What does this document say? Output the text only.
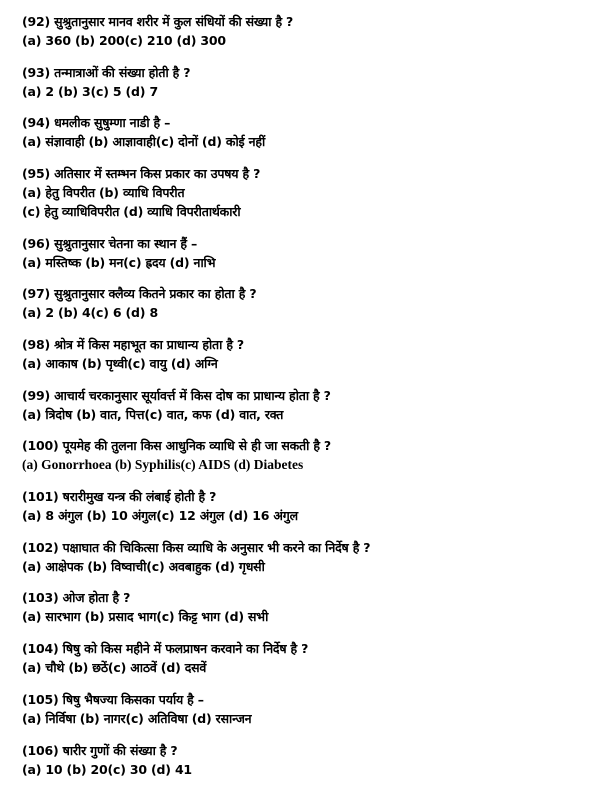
(92) सुश्रुतानुसार मानव शरीर में कुल संधियों की संख्या है ?
(a) 360 (b) 200(c) 210 (d) 300
(93) तन्मात्राओं की संख्या होती है ?
(a) 2 (b) 3(c) 5 (d) 7
(94) धमलीक सुषुम्णा नाडी है –
(a) संज्ञावाही (b) आज्ञावाही(c) दोनों (d) कोई नहीं
(95) अतिसार में स्तम्भन किस प्रकार का उपषय है ?
(a) हेतु विपरीत (b) व्याधि विपरीत
(c) हेतु व्याधिविपरीत (d) व्याधि विपरीतार्थकारी
(96) सुश्रुतानुसार चेतना का स्थान हैं –
(a) मस्तिष्क (b) मन(c) ह्रदय (d) नाभि
(97) सुश्रुतानुसार क्लैव्य कितने प्रकार का होता है ?
(a) 2 (b) 4(c) 6 (d) 8
(98) श्रोत्र में किस महाभूत का प्राधान्य होता है ?
(a) आकाष (b) पृथ्वी(c) वायु (d) अग्नि
(99) आचार्य चरकानुसार सूर्यावर्त्त में किस दोष का प्राधान्य होता है ?
(a) त्रिदोष (b) वात, पित्त(c) वात, कफ (d) वात, रक्त
(100) पूयमेह की तुलना किस आधुनिक व्याधि से ही जा सकती है ?
(a) Gonorrhoea (b) Syphilis(c) AIDS (d) Diabetes
(101) षरारीमुख यन्त्र की लंबाई होती है ?
(a) 8 अंगुल (b) 10 अंगुल(c) 12 अंगुल (d) 16 अंगुल
(102) पक्षाघात की चिकित्सा किस व्याधि के अनुसार भी करने का निर्देष है ?
(a) आक्षेपक (b) विष्वाची(c) अवबाहुक (d) गृधसी
(103) ओज होता है ?
(a) सारभाग (b) प्रसाद भाग(c) किट्ट भाग (d) सभी
(104) षिषु को किस महीने में फलप्राषन करवाने का निर्देष है ?
(a) चौथे (b) छठें(c) आठवें (d) दसवें
(105) षिषु भैषज्या किसका पर्याय है –
(a) निर्विषा (b) नागर(c) अतिविषा (d) रसान्जन
(106) षारीर गुणों की संख्या है ?
(a) 10 (b) 20(c) 30 (d) 41
